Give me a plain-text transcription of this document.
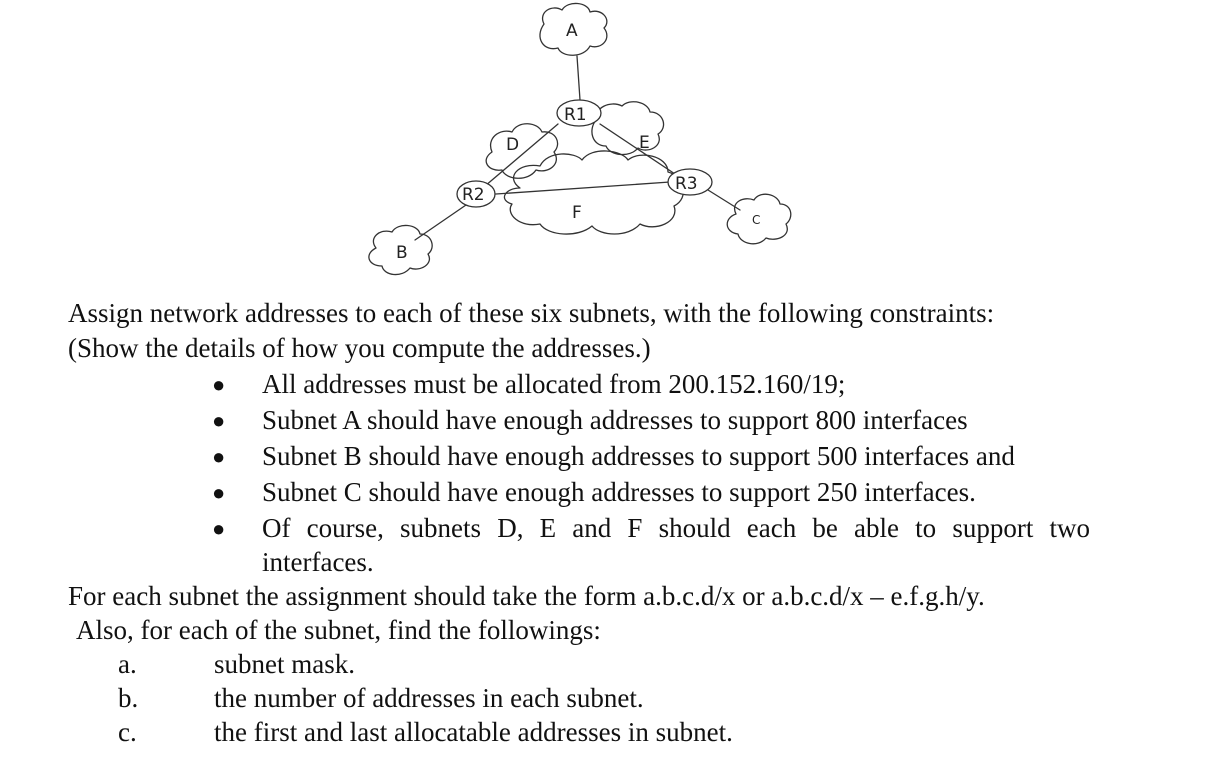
A
R1
D	E
R2
R3
F
B
C
Assign network addresses to each of these six subnets, with the following constraints:
(Show the details of how you compute the addresses.)
● All addresses must be allocated from 200.152.160/19;
● Subnet A should have enough addresses to support 800 interfaces
● Subnet B should have enough addresses to support 500 interfaces and
● Subnet C should have enough addresses to support 250 interfaces.
● Of course, subnets D, E and F should each be able to support two
interfaces.
For each subnet the assignment should take the form a.b.c.d/x or a.b.c.d/x – e.f.g.h/y.
Also, for each of the subnet, find the followings:
a.	subnet mask.
b.	the number of addresses in each subnet.
c.	the first and last allocatable addresses in subnet.
